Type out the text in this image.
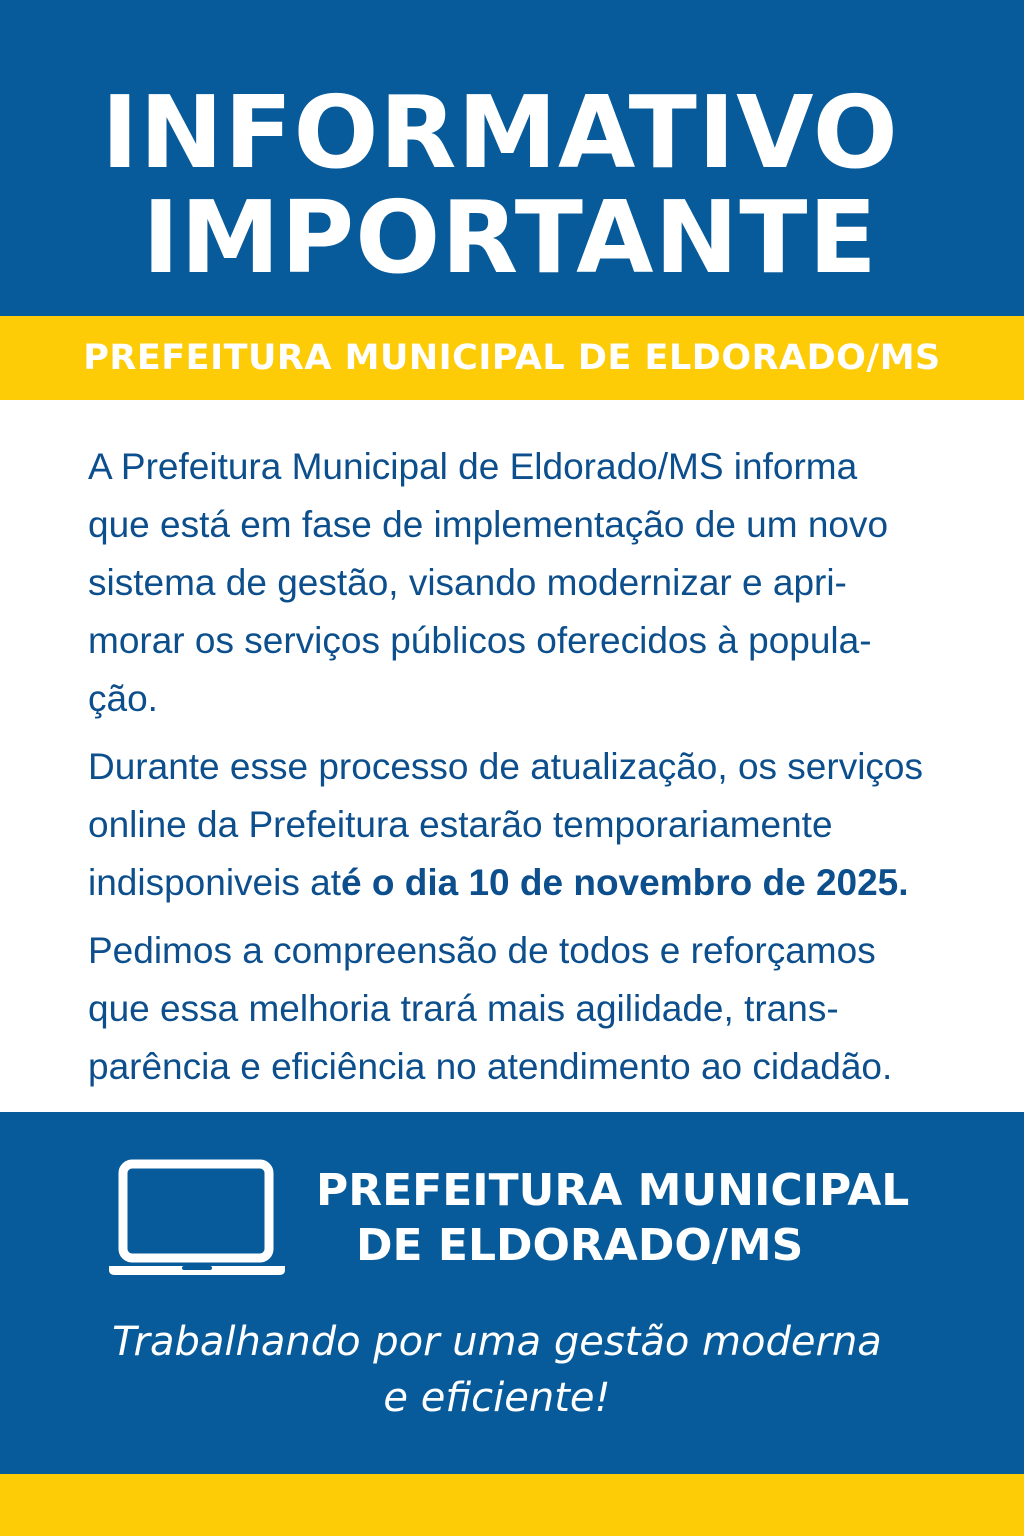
INFORMATIVO
IMPORTANTE
PREFEITURA MUNICIPAL DE ELDORADO/MS

A Prefeitura Municipal de Eldorado/MS informa
que está em fase de implementação de um novo
sistema de gestão, visando modernizar e apri-
morar os serviços públicos oferecidos à popula-
ção.

Durante esse processo de atualização, os serviços
online da Prefeitura estarão temporariamente
indisponiveis até o dia 10 de novembro de 2025.

Pedimos a compreensão de todos e reforçamos
que essa melhoria trará mais agilidade, trans-
parência e eficiência no atendimento ao cidadão.

PREFEITURA MUNICIPAL
DE ELDORADO/MS
Trabalhando por uma gestão moderna
e eficiente!
